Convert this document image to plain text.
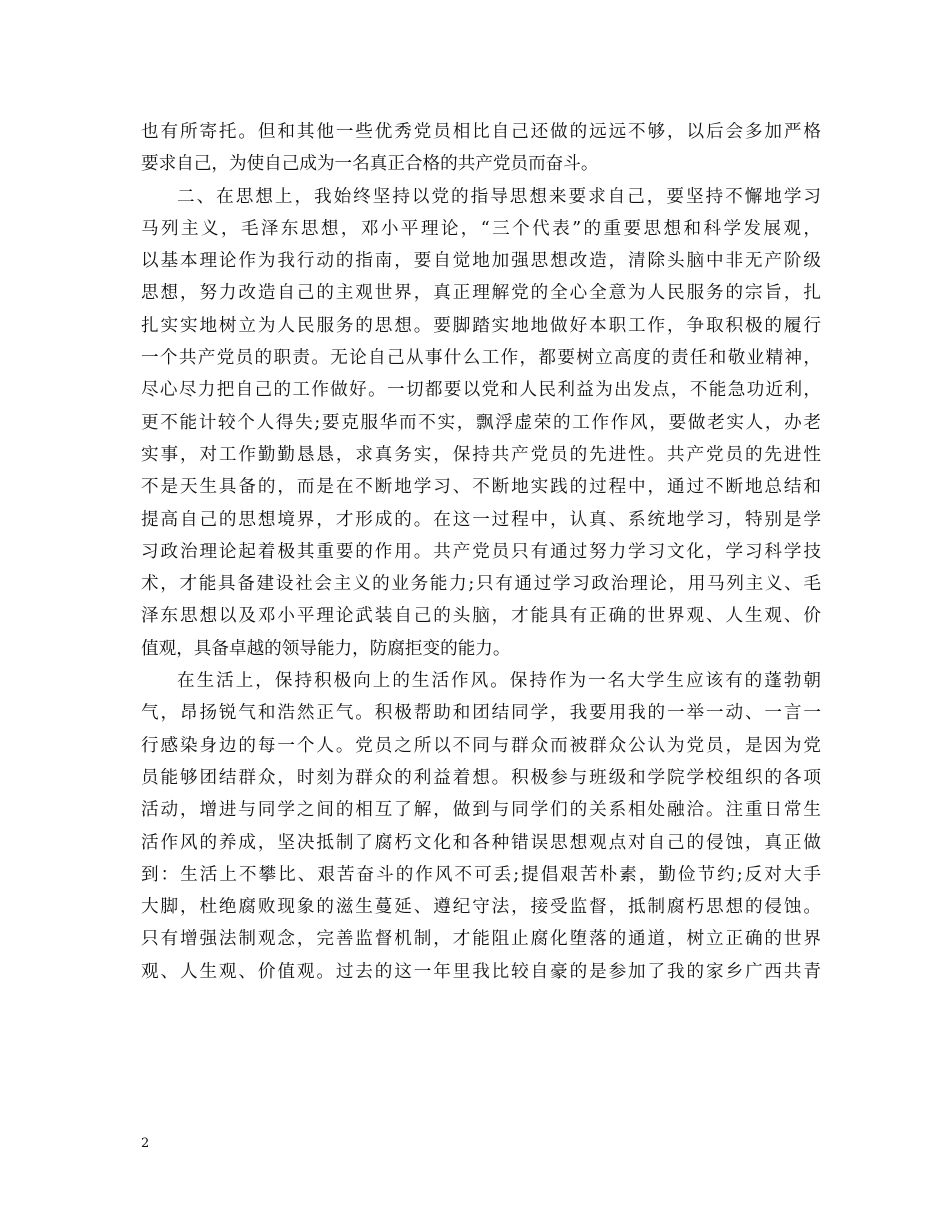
也有所寄托。但和其他一些优秀党员相比自己还做的远远不够，以后会多加严格
要求自己，为使自己成为一名真正合格的共产党员而奋斗。
二、在思想上，我始终坚持以党的指导思想来要求自己，要坚持不懈地学习
马列主义，毛泽东思想，邓小平理论，“三个代表”的重要思想和科学发展观，
以基本理论作为我行动的指南，要自觉地加强思想改造，清除头脑中非无产阶级
思想，努力改造自己的主观世界，真正理解党的全心全意为人民服务的宗旨，扎
扎实实地树立为人民服务的思想。要脚踏实地地做好本职工作，争取积极的履行
一个共产党员的职责。无论自己从事什么工作，都要树立高度的责任和敬业精神，
尽心尽力把自己的工作做好。一切都要以党和人民利益为出发点，不能急功近利，
更不能计较个人得失;要克服华而不实，飘浮虚荣的工作作风，要做老实人，办老
实事，对工作勤勤恳恳，求真务实，保持共产党员的先进性。共产党员的先进性
不是天生具备的，而是在不断地学习、不断地实践的过程中，通过不断地总结和
提高自己的思想境界，才形成的。在这一过程中，认真、系统地学习，特别是学
习政治理论起着极其重要的作用。共产党员只有通过努力学习文化，学习科学技
术，才能具备建设社会主义的业务能力;只有通过学习政治理论，用马列主义、毛
泽东思想以及邓小平理论武装自己的头脑，才能具有正确的世界观、人生观、价
值观，具备卓越的领导能力，防腐拒变的能力。
在生活上，保持积极向上的生活作风。保持作为一名大学生应该有的蓬勃朝
气，昂扬锐气和浩然正气。积极帮助和团结同学，我要用我的一举一动、一言一
行感染身边的每一个人。党员之所以不同与群众而被群众公认为党员，是因为党
员能够团结群众，时刻为群众的利益着想。积极参与班级和学院学校组织的各项
活动，增进与同学之间的相互了解，做到与同学们的关系相处融洽。注重日常生
活作风的养成，坚决抵制了腐朽文化和各种错误思想观点对自己的侵蚀，真正做
到：生活上不攀比、艰苦奋斗的作风不可丢;提倡艰苦朴素，勤俭节约;反对大手
大脚，杜绝腐败现象的滋生蔓延、遵纪守法，接受监督，抵制腐朽思想的侵蚀。
只有增强法制观念，完善监督机制，才能阻止腐化堕落的通道，树立正确的世界
观、人生观、价值观。过去的这一年里我比较自豪的是参加了我的家乡广西共青
2
